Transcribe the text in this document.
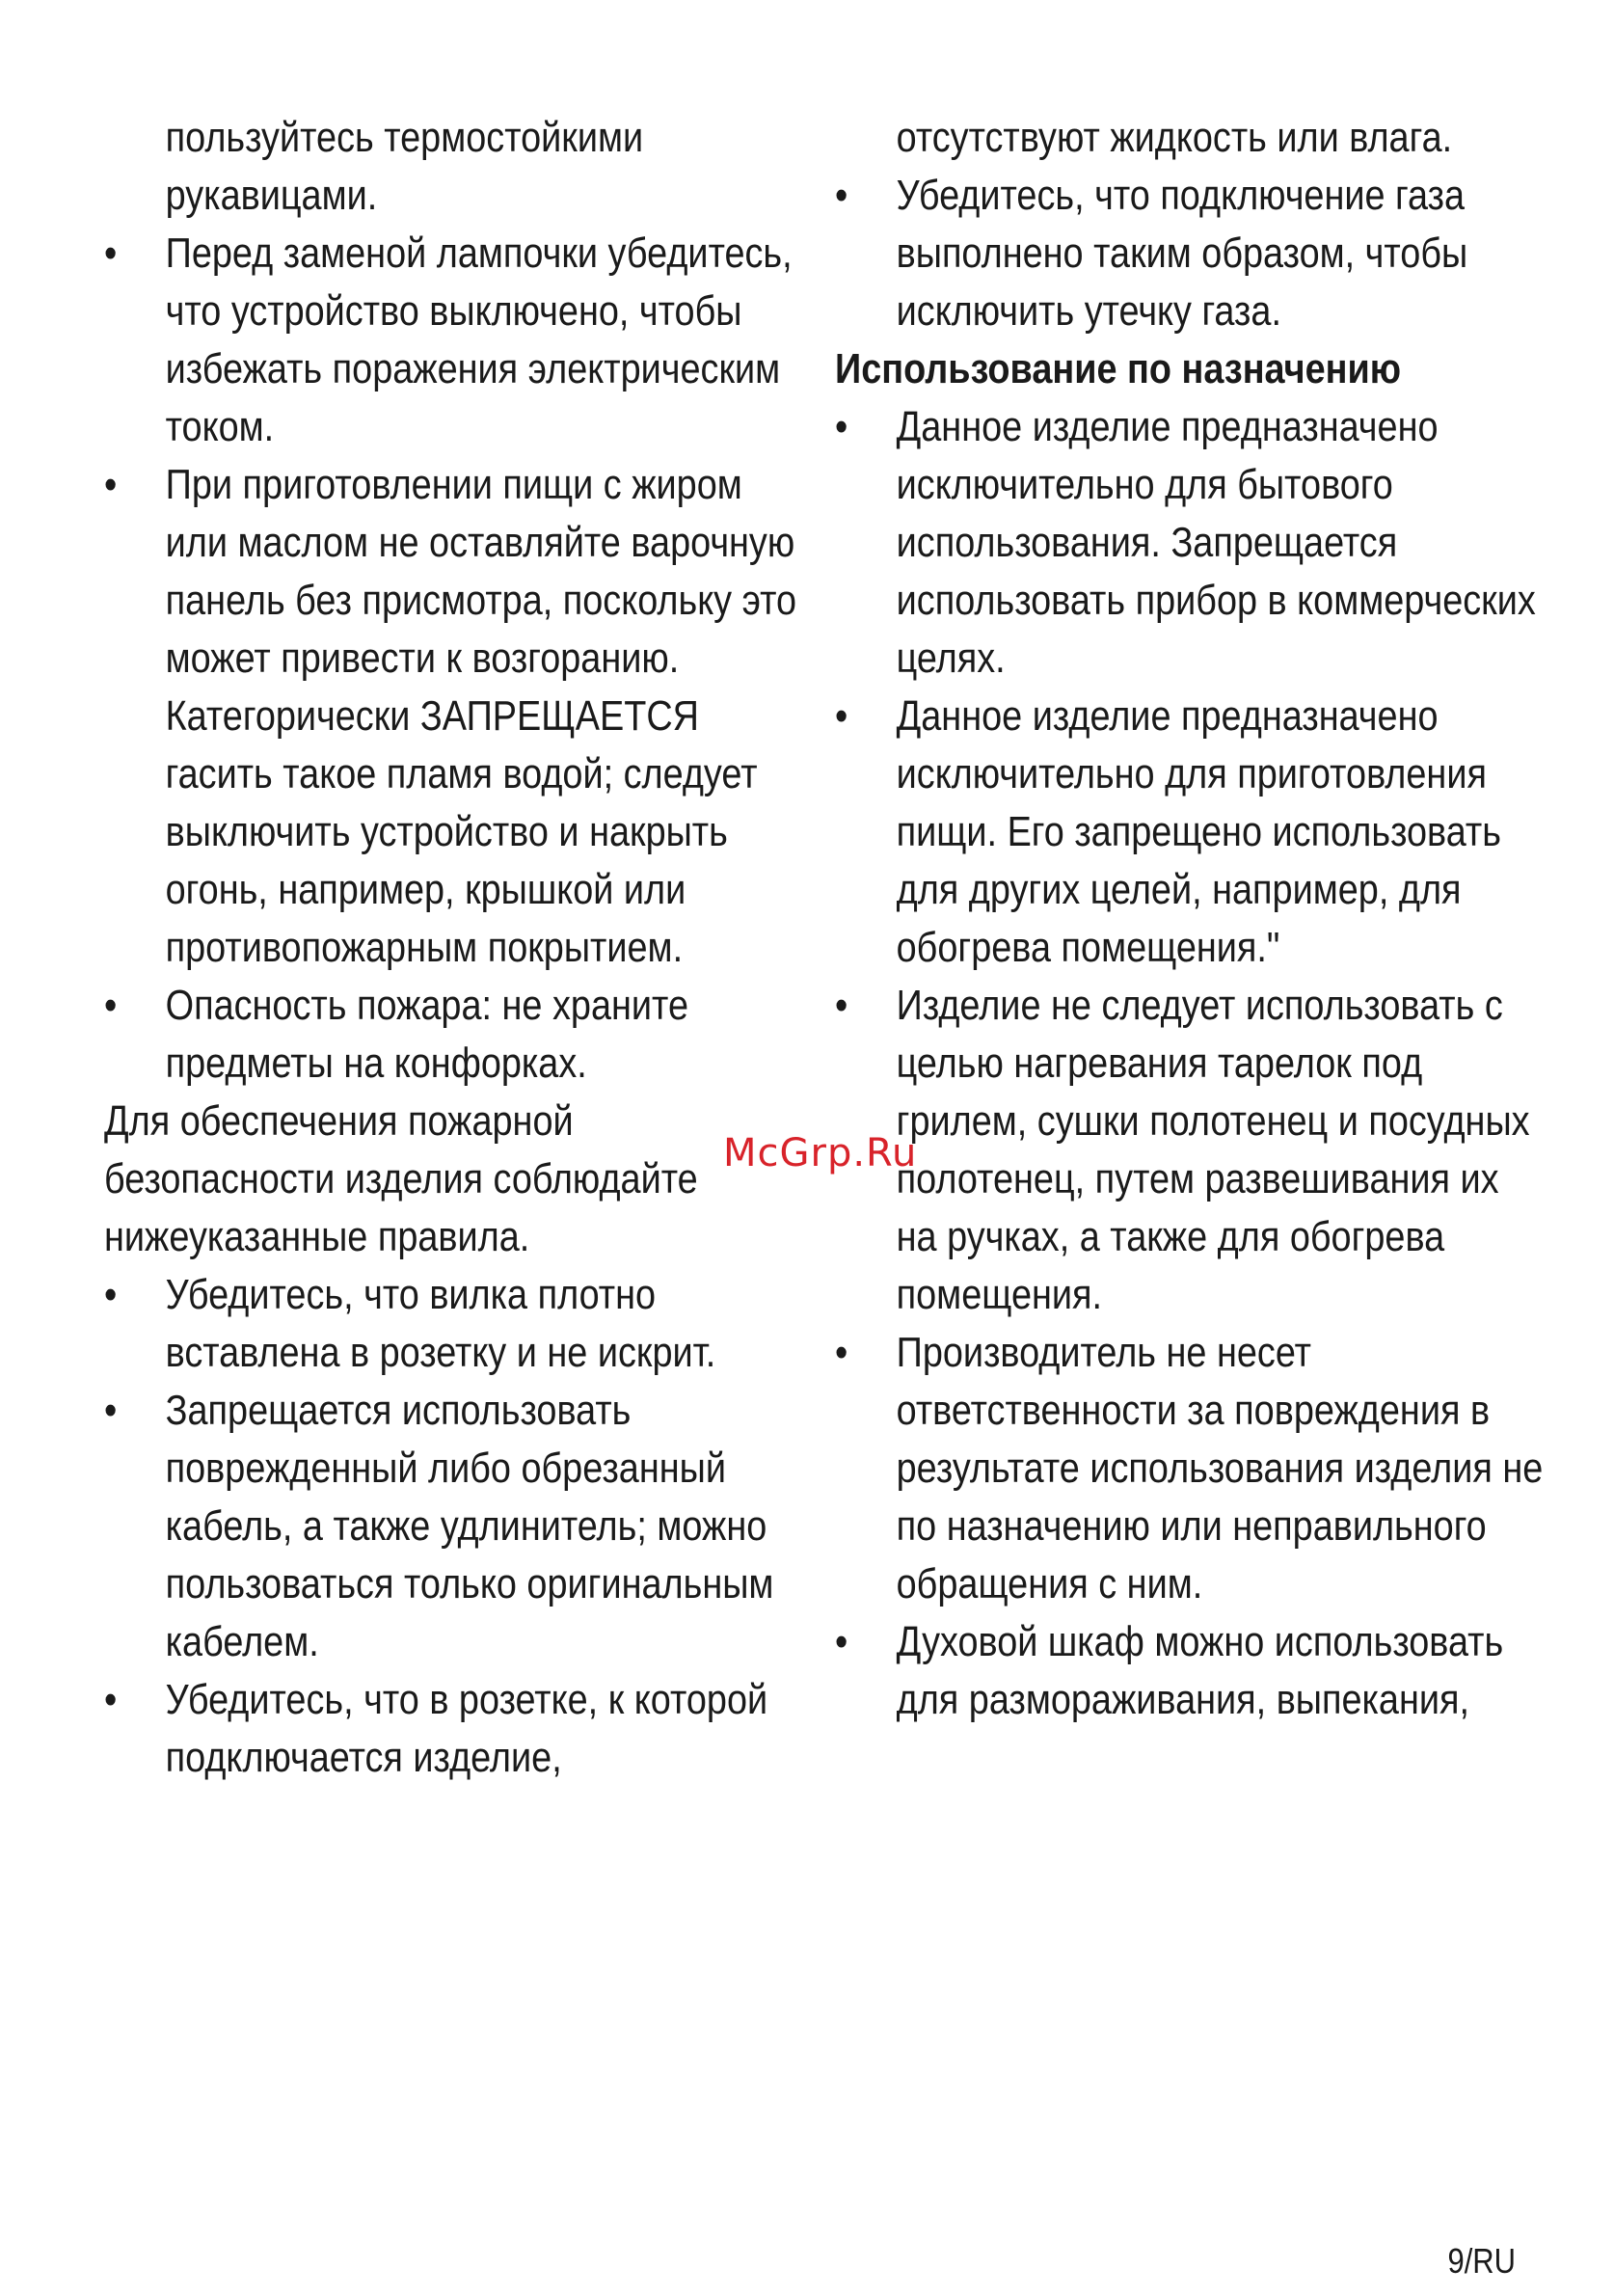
пользуйтесь термостойкими рукавицами.

• Перед заменой лампочки убедитесь, что устройство выключено, чтобы избежать поражения электрическим током.

• При приготовлении пищи с жиром или маслом не оставляйте варочную панель без присмотра, поскольку это может привести к возгоранию. Категорически ЗАПРЕЩАЕТСЯ гасить такое пламя водой; следует выключить устройство и накрыть огонь, например, крышкой или противопожарным покрытием.

• Опасность пожара: не храните предметы на конфорках.

Для обеспечения пожарной безопасности изделия соблюдайте нижеуказанные правила.

• Убедитесь, что вилка плотно вставлена в розетку и не искрит.

• Запрещается использовать поврежденный либо обрезанный кабель, а также удлинитель; можно пользоваться только оригинальным кабелем.

• Убедитесь, что в розетке, к которой подключается изделие,

отсутствуют жидкость или влага.

• Убедитесь, что подключение газа выполнено таким образом, чтобы исключить утечку газа.

Использование по назначению

• Данное изделие предназначено исключительно для бытового использования. Запрещается использовать прибор в коммерческих целях.

• Данное изделие предназначено исключительно для приготовления пищи. Его запрещено использовать для других целей, например, для обогрева помещения."

• Изделие не следует использовать с целью нагревания тарелок под грилем, сушки полотенец и посудных полотенец, путем развешивания их на ручках, а также для обогрева помещения.

• Производитель не несет ответственности за повреждения в результате использования изделия не по назначению или неправильного обращения с ним.

• Духовой шкаф можно использовать для размораживания, выпекания,

McGrp.Ru
9/RU
